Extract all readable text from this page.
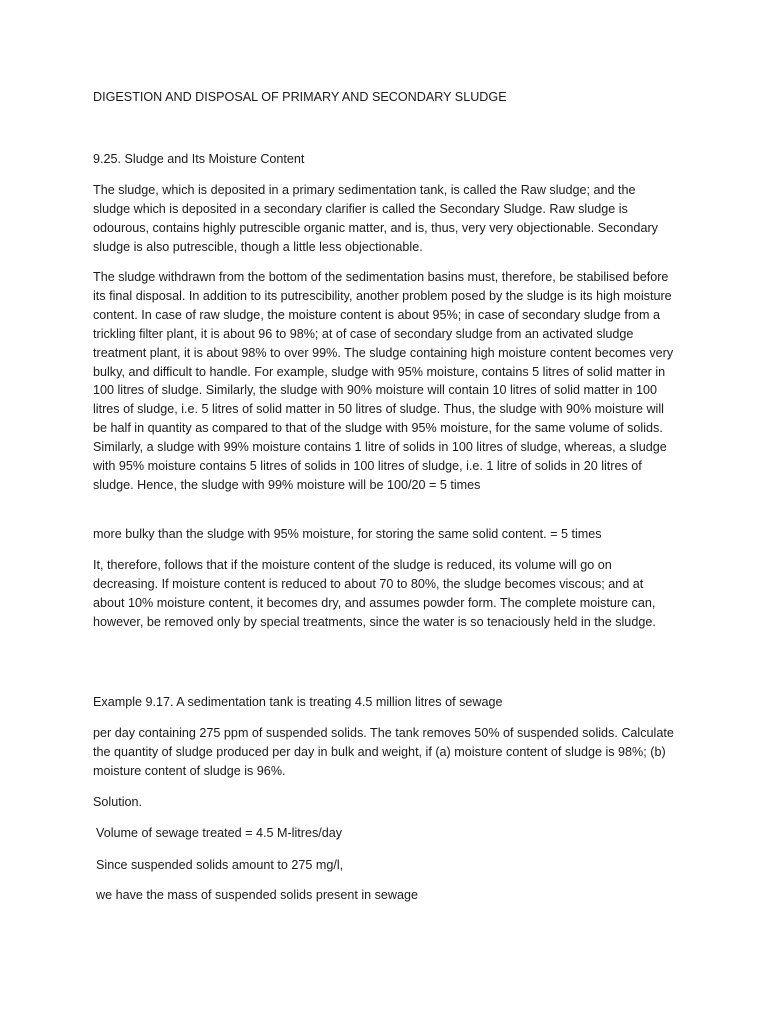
DIGESTION AND DISPOSAL OF PRIMARY AND SECONDARY SLUDGE

9.25. Sludge and Its Moisture Content

The sludge, which is deposited in a primary sedimentation tank, is called the Raw sludge; and the sludge which is deposited in a secondary clarifier is called the Secondary Sludge. Raw sludge is odourous, contains highly putrescible organic matter, and is, thus, very very objectionable. Secondary sludge is also putrescible, though a little less objectionable.

The sludge withdrawn from the bottom of the sedimentation basins must, therefore, be stabilised before its final disposal. In addition to its putrescibility, another problem posed by the sludge is its high moisture content. In case of raw sludge, the moisture content is about 95%; in case of secondary sludge from a trickling filter plant, it is about 96 to 98%; at of case of secondary sludge from an activated sludge treatment plant, it is about 98% to over 99%. The sludge containing high moisture content becomes very bulky, and difficult to handle. For example, sludge with 95% moisture, contains 5 litres of solid matter in 100 litres of sludge. Similarly, the sludge with 90% moisture will contain 10 litres of solid matter in 100 litres of sludge, i.e. 5 litres of solid matter in 50 litres of sludge. Thus, the sludge with 90% moisture will be half in quantity as compared to that of the sludge with 95% moisture, for the same volume of solids. Similarly, a sludge with 99% moisture contains 1 litre of solids in 100 litres of sludge, whereas, a sludge with 95% moisture contains 5 litres of solids in 100 litres of sludge, i.e. 1 litre of solids in 20 litres of sludge. Hence, the sludge with 99% moisture will be 100/20 = 5 times

more bulky than the sludge with 95% moisture, for storing the same solid content. = 5 times

It, therefore, follows that if the moisture content of the sludge is reduced, its volume will go on decreasing. If moisture content is reduced to about 70 to 80%, the sludge becomes viscous; and at about 10% moisture content, it becomes dry, and assumes powder form. The complete moisture can, however, be removed only by special treatments, since the water is so tenaciously held in the sludge.

Example 9.17. A sedimentation tank is treating 4.5 million litres of sewage

per day containing 275 ppm of suspended solids. The tank removes 50% of suspended solids. Calculate the quantity of sludge produced per day in bulk and weight, if (a) moisture content of sludge is 98%; (b) moisture content of sludge is 96%.

Solution.

Volume of sewage treated = 4.5 M-litres/day

Since suspended solids amount to 275 mg/l,

we have the mass of suspended solids present in sewage
